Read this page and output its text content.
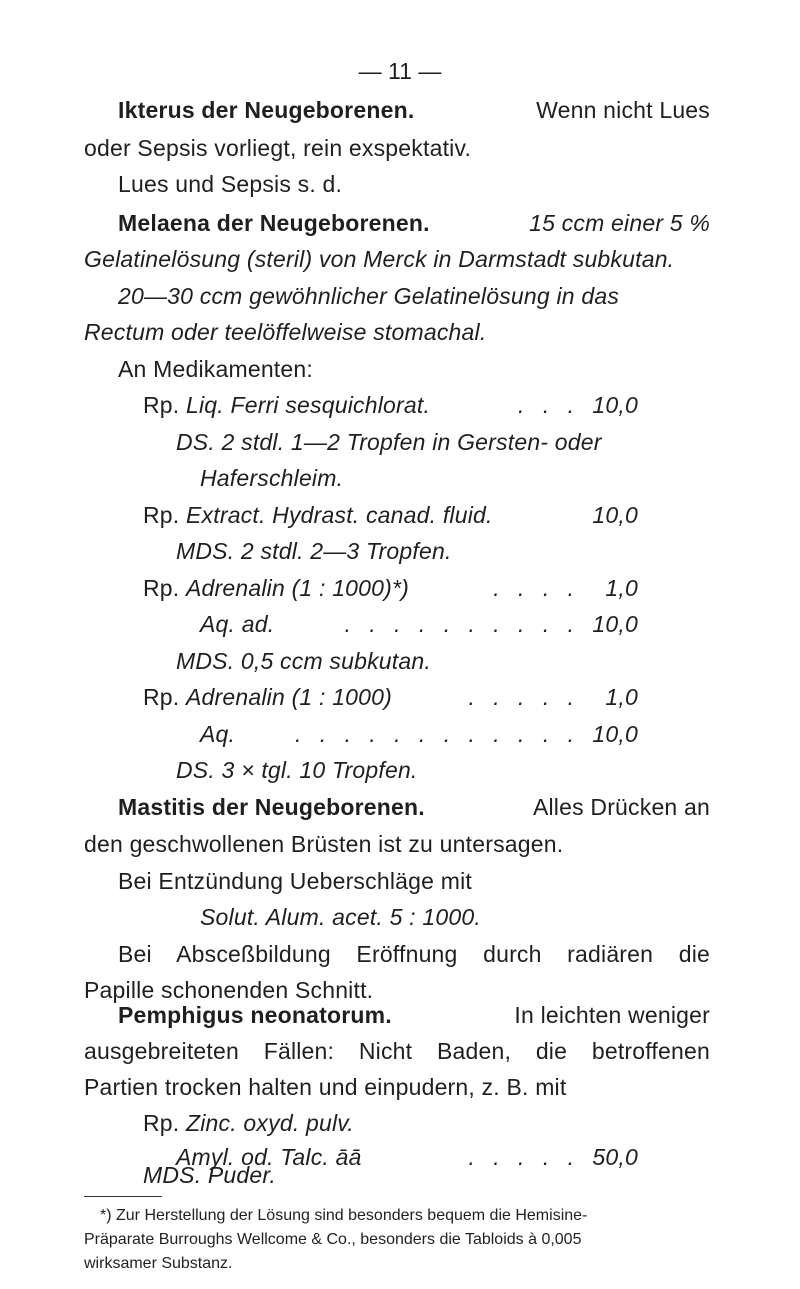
— 11 —
Ikterus der Neugeborenen.	Wenn nicht Lues
oder Sepsis vorliegt, rein exspektativ.
Lues und Sepsis s. d.
Melaena der Neugeborenen.	15 ccm einer 5 %
Gelatinelösung (steril) von Merck in Darmstadt subkutan.
20—30 ccm gewöhnlicher Gelatinelösung in das
Rectum oder teelöffelweise stomachal.
An Medikamenten:
Rp.
Liq. Ferri sesquichlorat.	. . . 10,0
DS. 2 stdl. 1—2 Tropfen in Gersten- oder
Haferschleim.
Rp.
Extract. Hydrast. canad. fluid.	10,0
MDS. 2 stdl. 2—3 Tropfen.
Rp.
Adrenalin (1 : 1000)*)	. . . .	1,0
Aq. ad.	. . . . . . . . . . 10,0
MDS. 0,5 ccm subkutan.
Rp.
Adrenalin (1 : 1000)	. . . . .	1,0
Aq.	. . . . . . . . . . . . 10,0
DS. 3 × tgl. 10 Tropfen.
Mastitis der Neugeborenen.	Alles Drücken an
den geschwollenen Brüsten ist zu untersagen.
Bei Entzündung Ueberschläge mit
Solut. Alum. acet. 5 : 1000.
Bei Absceßbildung Eröffnung durch radiären die
Papille schonenden Schnitt.
Pemphigus neonatorum.	In leichten weniger
ausgebreiteten Fällen: Nicht Baden, die betroffenen
Partien trocken halten und einpudern, z. B. mit
Rp. Zinc. oxyd. pulv.
Amyl. od. Talc. āā	. . . . . 50,0
MDS. Puder.
*) Zur Herstellung der Lösung sind besonders bequem die Hemisine-
Präparate Burroughs Wellcome & Co., besonders die Tabloids à 0,005
wirksamer Substanz.
